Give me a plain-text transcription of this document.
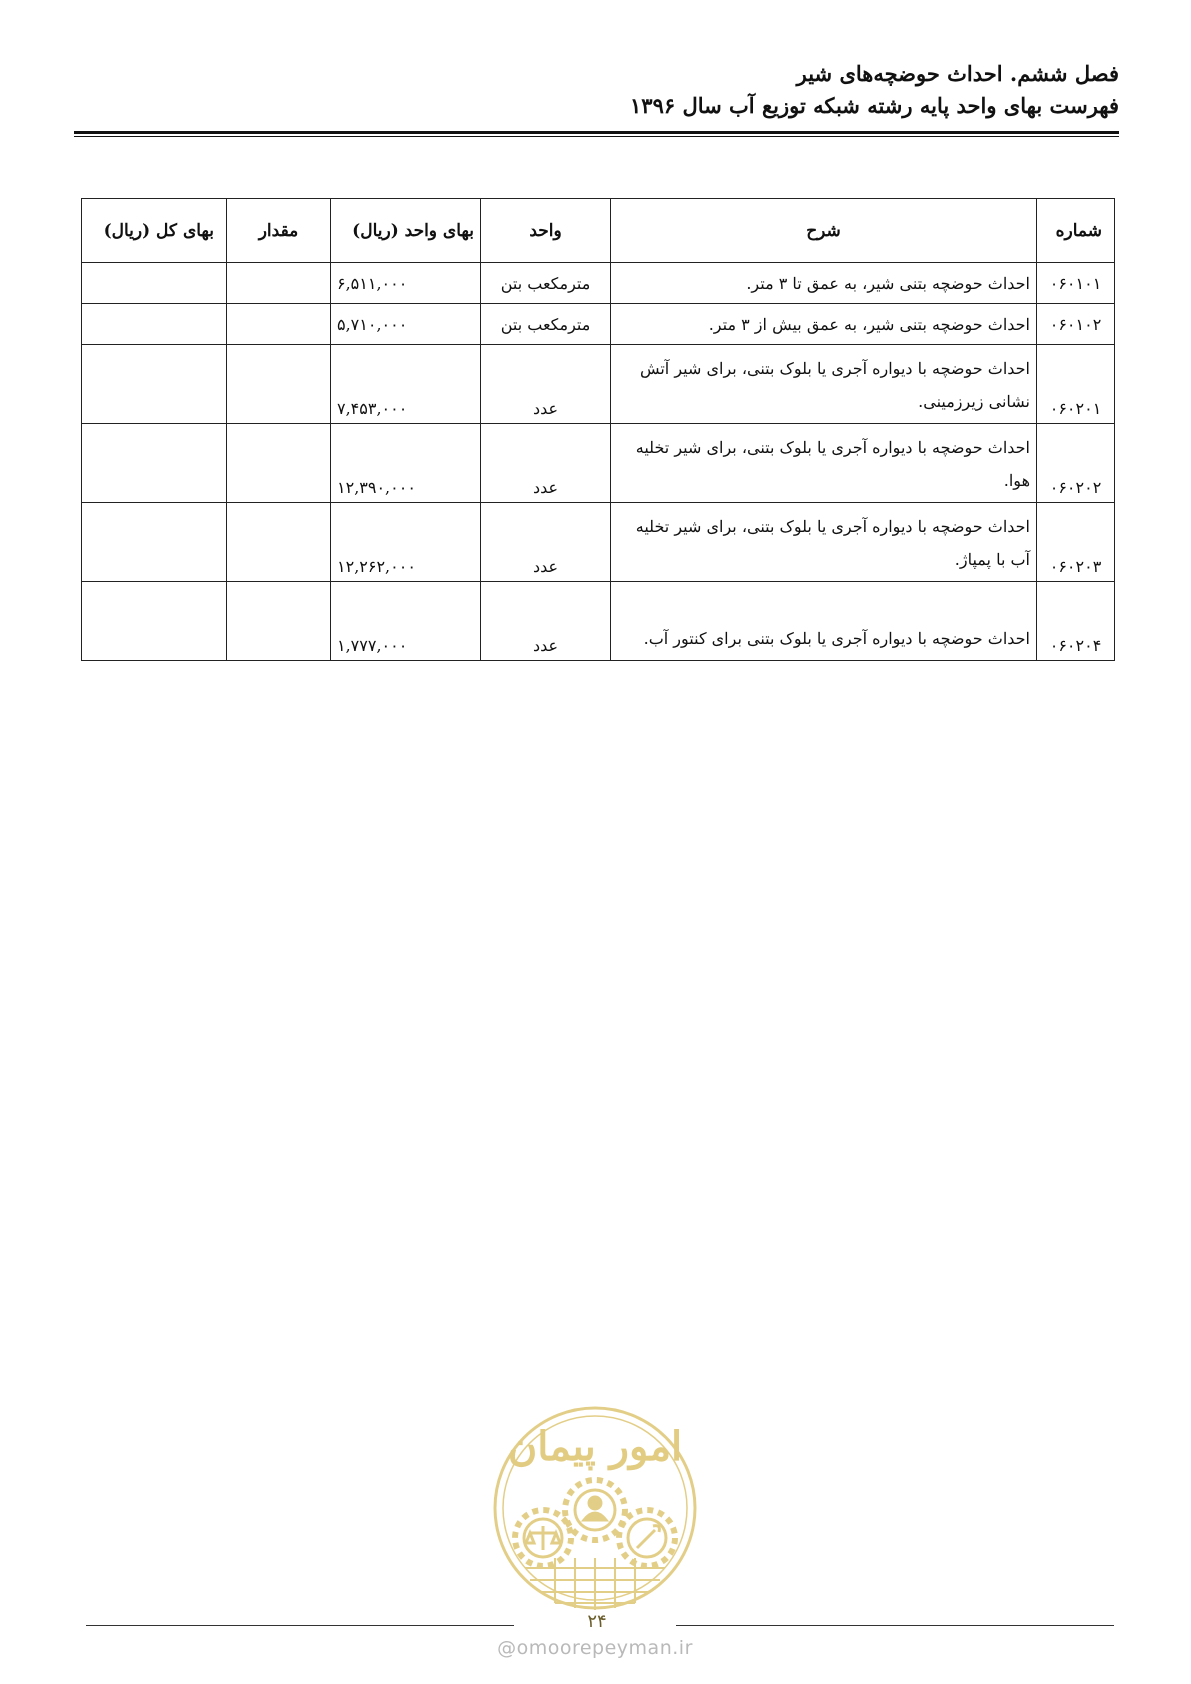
فصل ششم. احداث حوضچه‌های شیر
فهرست بهای واحد پایه رشته شبکه توزیع آب سال ۱۳۹۶
شماره	شرح	واحد	بهای واحد (ریال)	مقدار	بهای کل (ریال)
۰۶۰۱۰۱	احداث حوضچه بتنی شیر، به عمق تا ۳ متر.	مترمکعب بتن	۶,۵۱۱,۰۰۰		
۰۶۰۱۰۲	احداث حوضچه بتنی شیر، به عمق بیش از ۳ متر.	مترمکعب بتن	۵,۷۱۰,۰۰۰		
۰۶۰۲۰۱	احداث حوضچه با دیواره آجری یا بلوک بتنی، برای شیر آتش نشانی زیرزمینی.	عدد	۷,۴۵۳,۰۰۰		
۰۶۰۲۰۲	احداث حوضچه با دیواره آجری یا بلوک بتنی، برای شیر تخلیه هوا.	عدد	۱۲,۳۹۰,۰۰۰		
۰۶۰۲۰۳	احداث حوضچه با دیواره آجری یا بلوک بتنی، برای شیر تخلیه آب با پمپاژ.	عدد	۱۲,۲۶۲,۰۰۰		
۰۶۰۲۰۴	احداث حوضچه با دیواره آجری یا بلوک بتنی برای کنتور آب.	عدد	۱,۷۷۷,۰۰۰		
امور پیمان
۲۴
@omoorepeyman.ir
